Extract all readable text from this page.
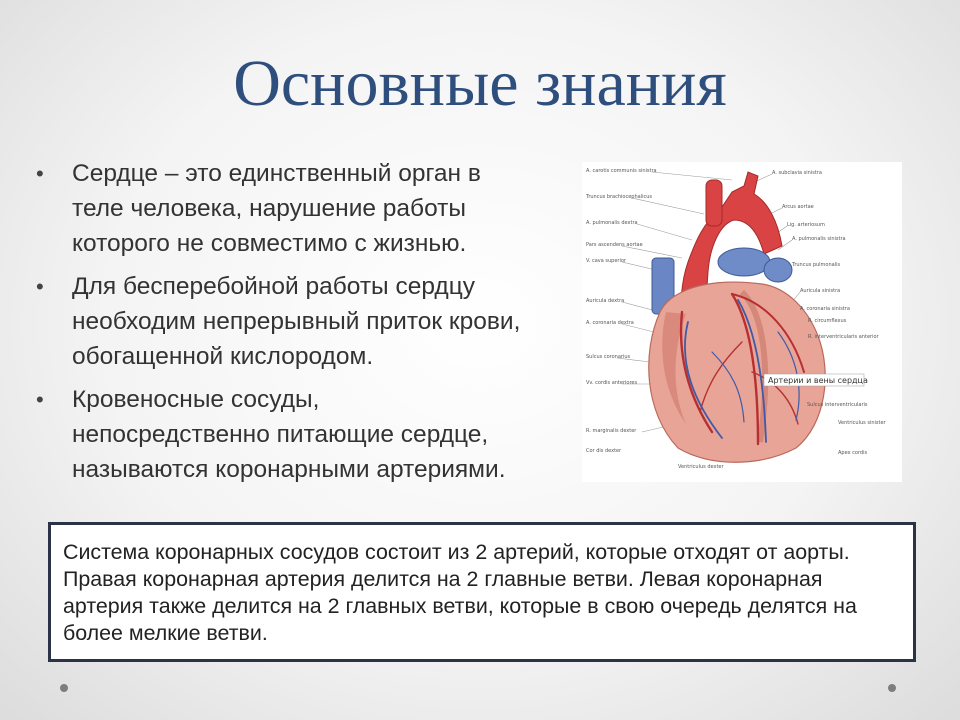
Основные знания
• Сердце – это единственный орган в
теле человека, нарушение работы
которого не совместимо с жизнью.
• Для бесперебойной работы сердцу
необходим непрерывный приток крови,
обогащенной кислородом.
• Кровеносные сосуды,
непосредственно питающие сердце,
называются коронарными артериями.
Артерии и вены сердца
A. carotis communis sinistra
Truncus brachiocephalicus
A. pulmonalis dextra
Pars ascendens aortae
V. cava superior
Auricula dextra
A. coronaria dextra
Sulcus coronarius
Vv. cordis anteriores
R. marginalis dexter
Cor dis dexter
A. subclavia sinistra
Arcus aortae
Lig. arteriosum
A. pulmonalis sinistra
Truncus pulmonalis
Auricula sinistra
A. coronaria sinistra
R. circumflexus
R. interventricularis anterior
Sulcus interventricularis
Ventriculus sinister
Apex cordis
Ventriculus dexter

Система коронарных сосудов состоит из 2 артерий, которые отходят от аорты. Правая коронарная артерия делится на 2 главные ветви. Левая коронарная артерия также делится на 2 главных ветви, которые в свою очередь делятся на более мелкие ветви.
